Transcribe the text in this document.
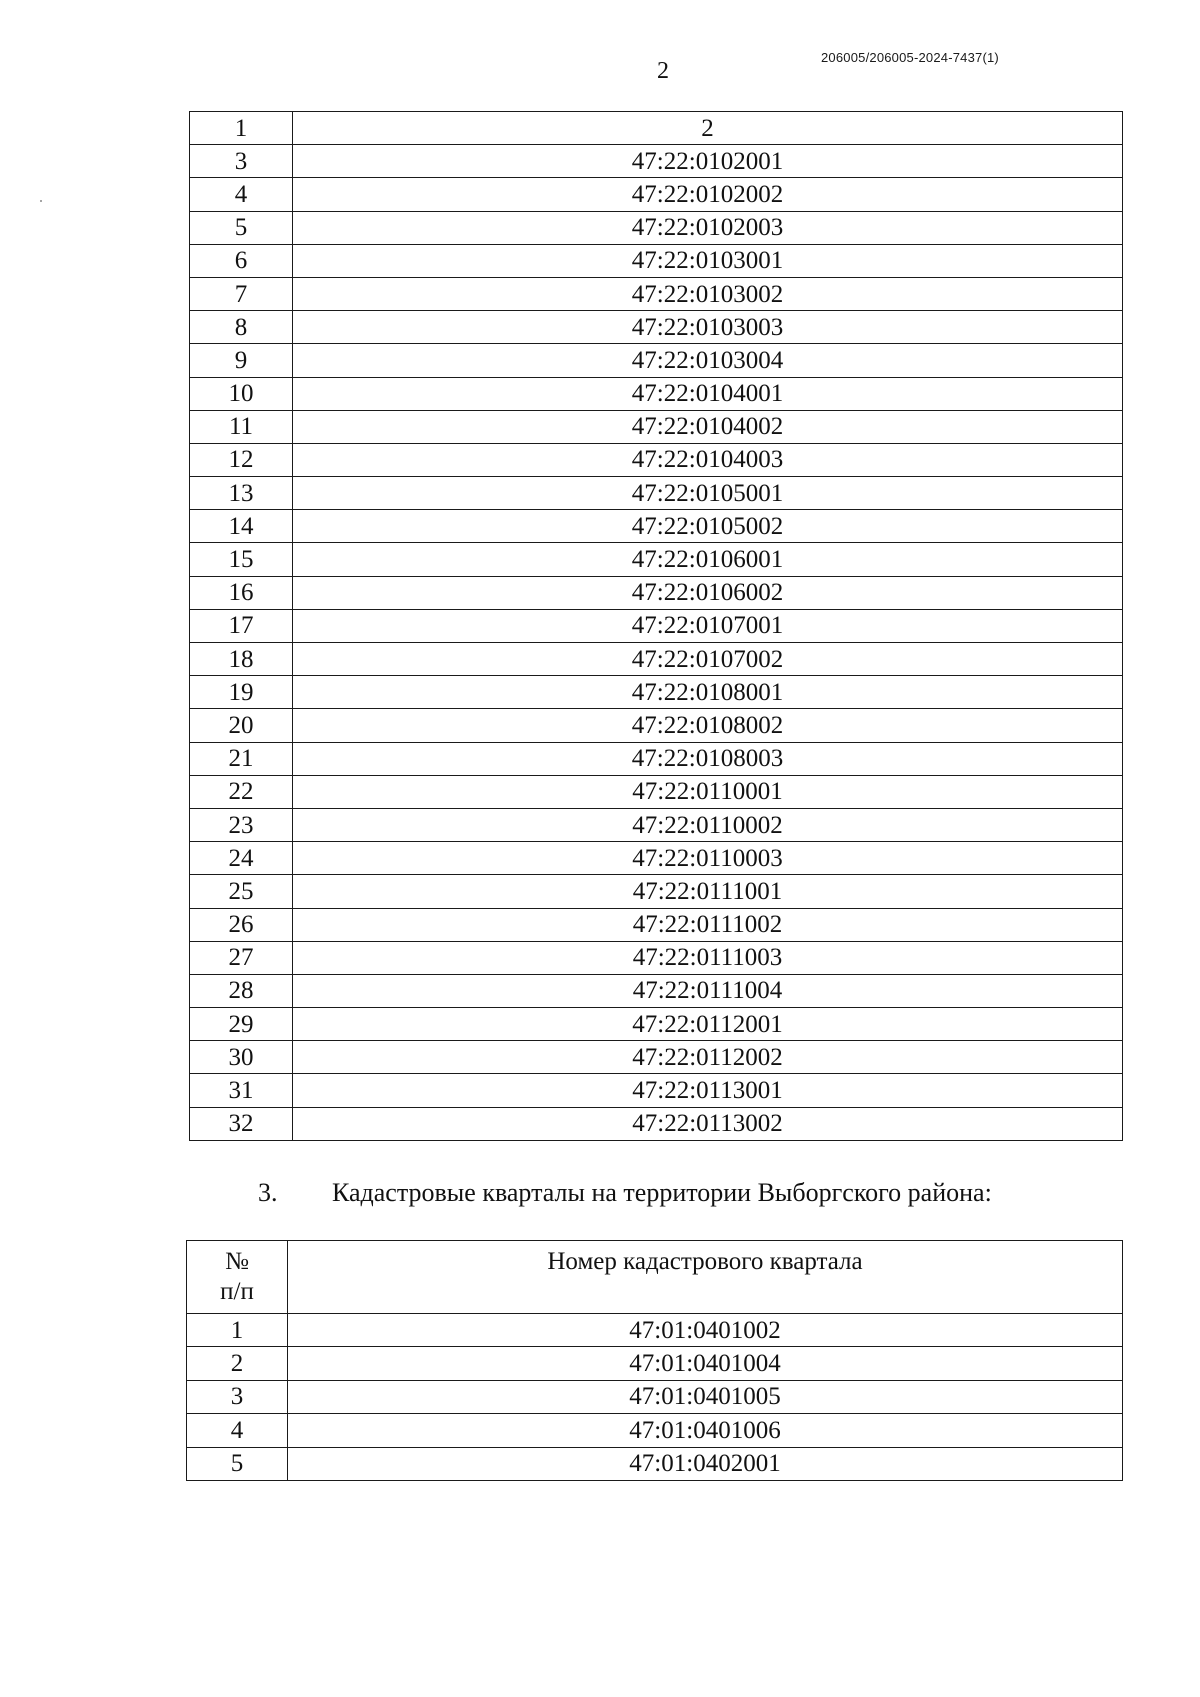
206005/206005-2024-7437(1)
2
1	2
3	47:22:0102001
4	47:22:0102002
5	47:22:0102003
6	47:22:0103001
7	47:22:0103002
8	47:22:0103003
9	47:22:0103004
10	47:22:0104001
11	47:22:0104002
12	47:22:0104003
13	47:22:0105001
14	47:22:0105002
15	47:22:0106001
16	47:22:0106002
17	47:22:0107001
18	47:22:0107002
19	47:22:0108001
20	47:22:0108002
21	47:22:0108003
22	47:22:0110001
23	47:22:0110002
24	47:22:0110003
25	47:22:0111001
26	47:22:0111002
27	47:22:0111003
28	47:22:0111004
29	47:22:0112001
30	47:22:0112002
31	47:22:0113001
32	47:22:0113002
3. Кадастровые кварталы на территории Выборгского района:
№
п/п	Номер кадастрового квартала
1	47:01:0401002
2	47:01:0401004
3	47:01:0401005
4	47:01:0401006
5	47:01:0402001
